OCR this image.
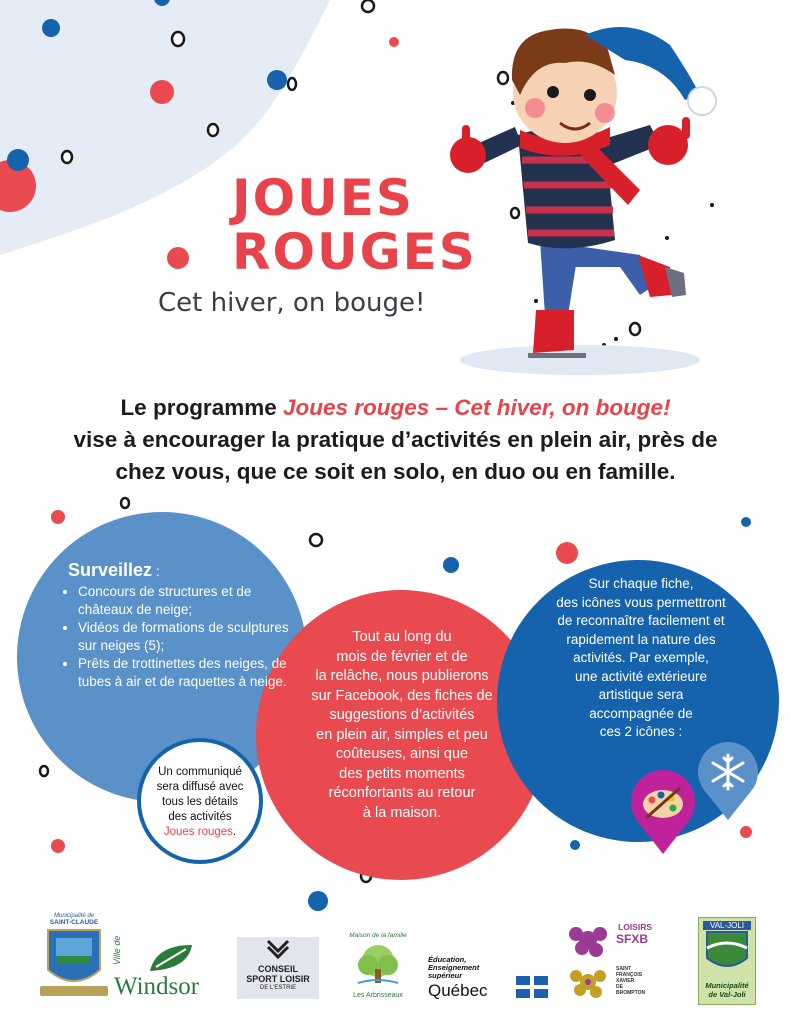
JOUES
ROUGES
Cet hiver, on bouge!
Le programme Joues rouges – Cet hiver, on bouge!
vise à encourager la pratique d’activités en plein air, près de
chez vous, que ce soit en solo, en duo ou en famille.
Surveillez :
• Concours de structures et de châteaux de neige;
• Vidéos de formations de sculptures sur neiges (5);
• Prêts de trottinettes des neiges, de tubes à air et de raquettes à neige.
Tout au long du
mois de février et de
la relâche, nous publierons
sur Facebook, des fiches de
suggestions d’activités
en plein air, simples et peu
coûteuses, ainsi que
des petits moments
réconfortants au retour
à la maison.
Sur chaque fiche,
des icônes vous permettront
de reconnaître facilement et
rapidement la nature des
activités. Par exemple,
une activité extérieure
artistique sera
accompagnée de
ces 2 icônes :
Un communiqué
sera diffusé avec
tous les détails
des activités
Joues rouges.
Municipalité de
SAINT-CLAUDE
Ville de
Windsor
CONSEIL
SPORT LOISIR
DE L'ESTRIE
Maison de la famille
Les Arbrisseaux
Éducation,
Enseignement
supérieur
Québec
LOISIRS
SFXB
SAINT
FRANÇOIS
XAVIER
DE
BROMPTON
VAL-JOLI
Municipalité
de Val-Joli
